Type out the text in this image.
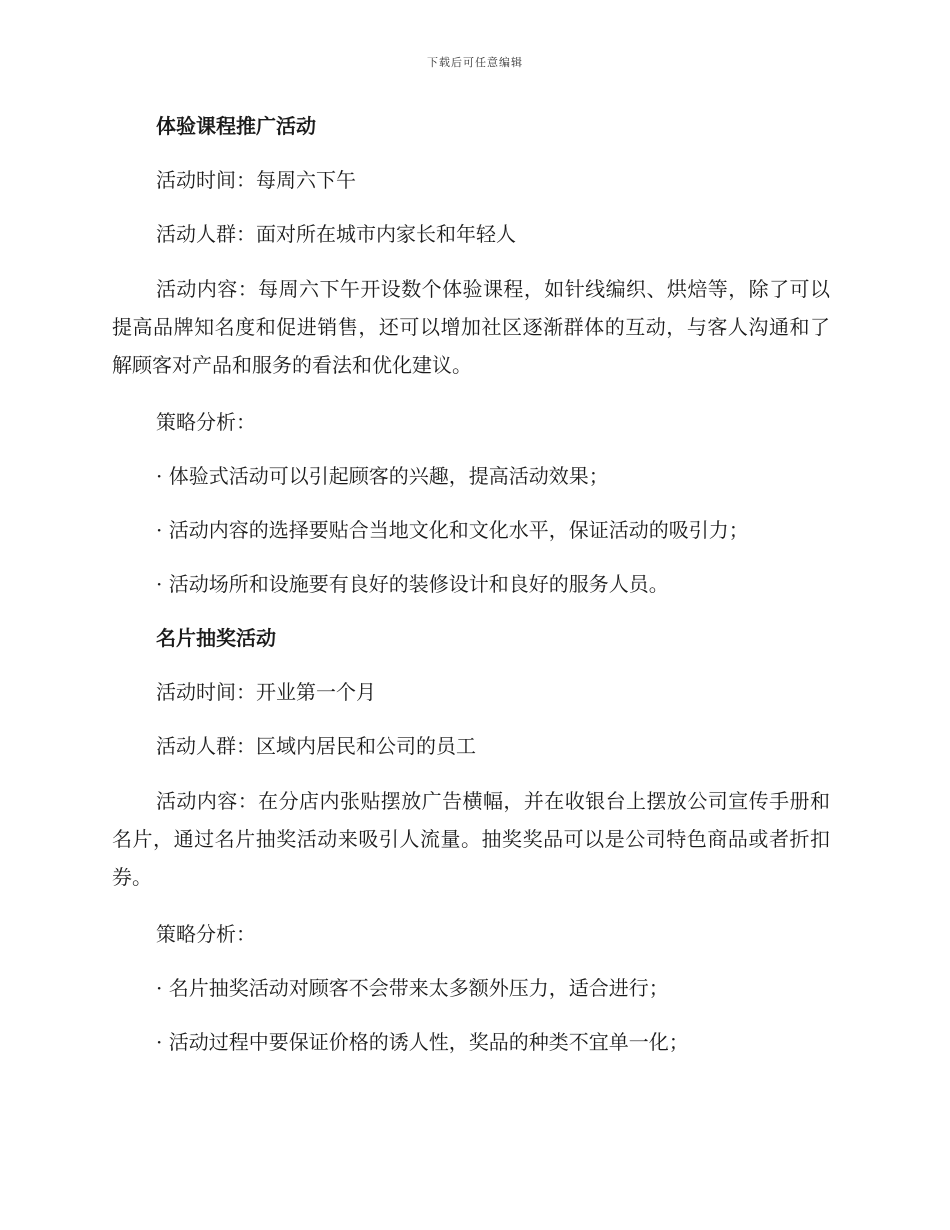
下载后可任意编辑

体验课程推广活动

活动时间：每周六下午

活动人群：面对所在城市内家长和年轻人

活动内容：每周六下午开设数个体验课程，如针线编织、烘焙等，除了可以提高品牌知名度和促进销售，还可以增加社区逐渐群体的互动，与客人沟通和了解顾客对产品和服务的看法和优化建议。

策略分析：

· 体验式活动可以引起顾客的兴趣，提高活动效果；

· 活动内容的选择要贴合当地文化和文化水平，保证活动的吸引力；

· 活动场所和设施要有良好的装修设计和良好的服务人员。

名片抽奖活动

活动时间：开业第一个月

活动人群：区域内居民和公司的员工

活动内容：在分店内张贴摆放广告横幅，并在收银台上摆放公司宣传手册和名片，通过名片抽奖活动来吸引人流量。抽奖奖品可以是公司特色商品或者折扣券。

策略分析：

· 名片抽奖活动对顾客不会带来太多额外压力，适合进行；

· 活动过程中要保证价格的诱人性，奖品的种类不宜单一化；
